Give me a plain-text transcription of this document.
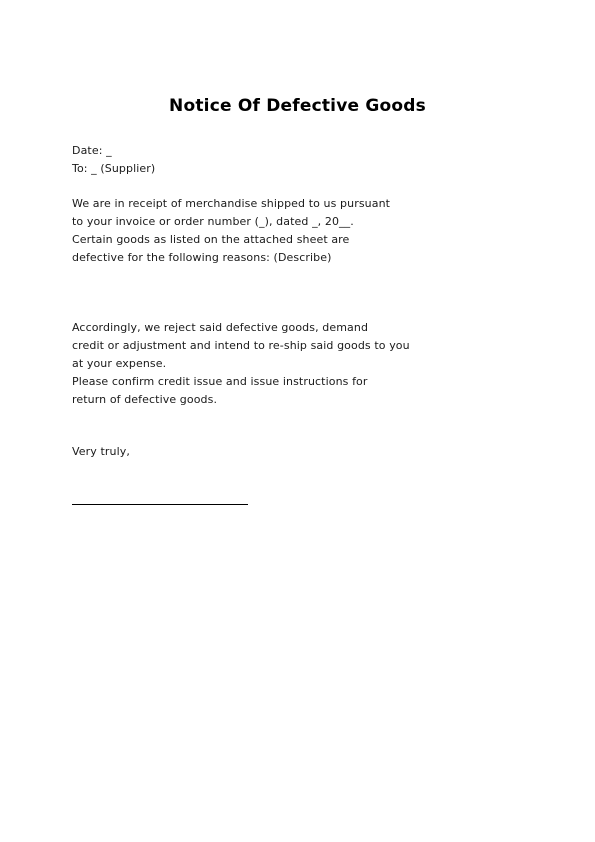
Notice Of Defective Goods
Date: _
To: _ (Supplier)
We are in receipt of merchandise shipped to us pursuant
to your invoice or order number (_), dated _, 20__.
Certain goods as listed on the attached sheet are
defective for the following reasons: (Describe)
Accordingly, we reject said defective goods, demand
credit or adjustment and intend to re-ship said goods to you
at your expense.
Please confirm credit issue and issue instructions for
return of defective goods.
Very truly,
